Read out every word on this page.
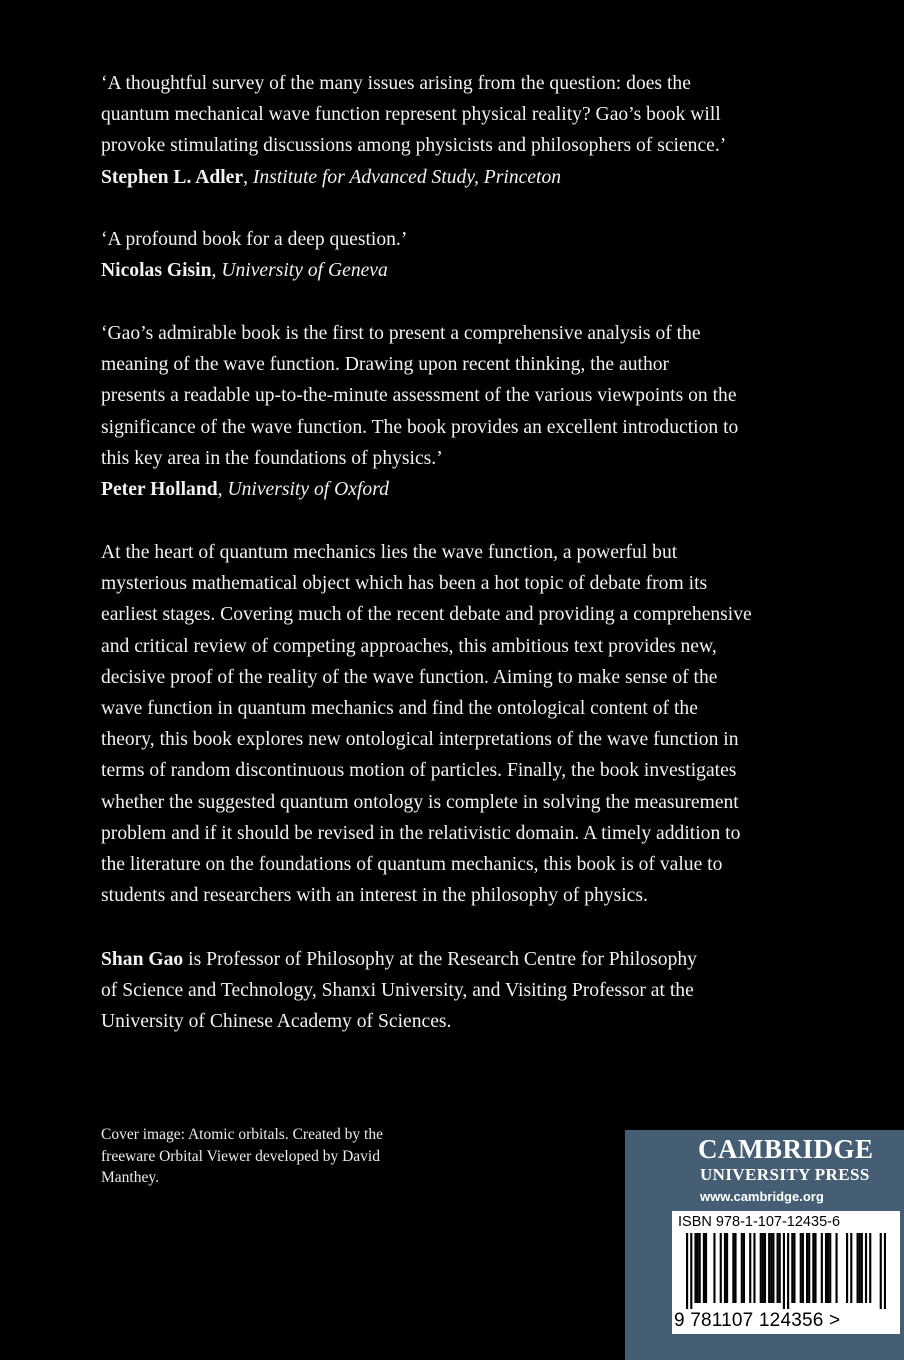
‘A thoughtful survey of the many issues arising from the question: does the
quantum mechanical wave function represent physical reality? Gao’s book will
provoke stimulating discussions among physicists and philosophers of science.’
Stephen L. Adler, Institute for Advanced Study, Princeton
‘A profound book for a deep question.’
Nicolas Gisin, University of Geneva
‘Gao’s admirable book is the first to present a comprehensive analysis of the
meaning of the wave function. Drawing upon recent thinking, the author
presents a readable up-to-the-minute assessment of the various viewpoints on the
significance of the wave function. The book provides an excellent introduction to
this key area in the foundations of physics.’
Peter Holland, University of Oxford
At the heart of quantum mechanics lies the wave function, a powerful but
mysterious mathematical object which has been a hot topic of debate from its
earliest stages. Covering much of the recent debate and providing a comprehensive
and critical review of competing approaches, this ambitious text provides new,
decisive proof of the reality of the wave function. Aiming to make sense of the
wave function in quantum mechanics and find the ontological content of the
theory, this book explores new ontological interpretations of the wave function in
terms of random discontinuous motion of particles. Finally, the book investigates
whether the suggested quantum ontology is complete in solving the measurement
problem and if it should be revised in the relativistic domain. A timely addition to
the literature on the foundations of quantum mechanics, this book is of value to
students and researchers with an interest in the philosophy of physics.
Shan Gao is Professor of Philosophy at the Research Centre for Philosophy
of Science and Technology, Shanxi University, and Visiting Professor at the
University of Chinese Academy of Sciences.
Cover image: Atomic orbitals. Created by the
freeware Orbital Viewer developed by David
Manthey.
CAMBRIDGE
UNIVERSITY PRESS
www.cambridge.org
ISBN 978-1-107-12435-6
9 781107 124356 >
